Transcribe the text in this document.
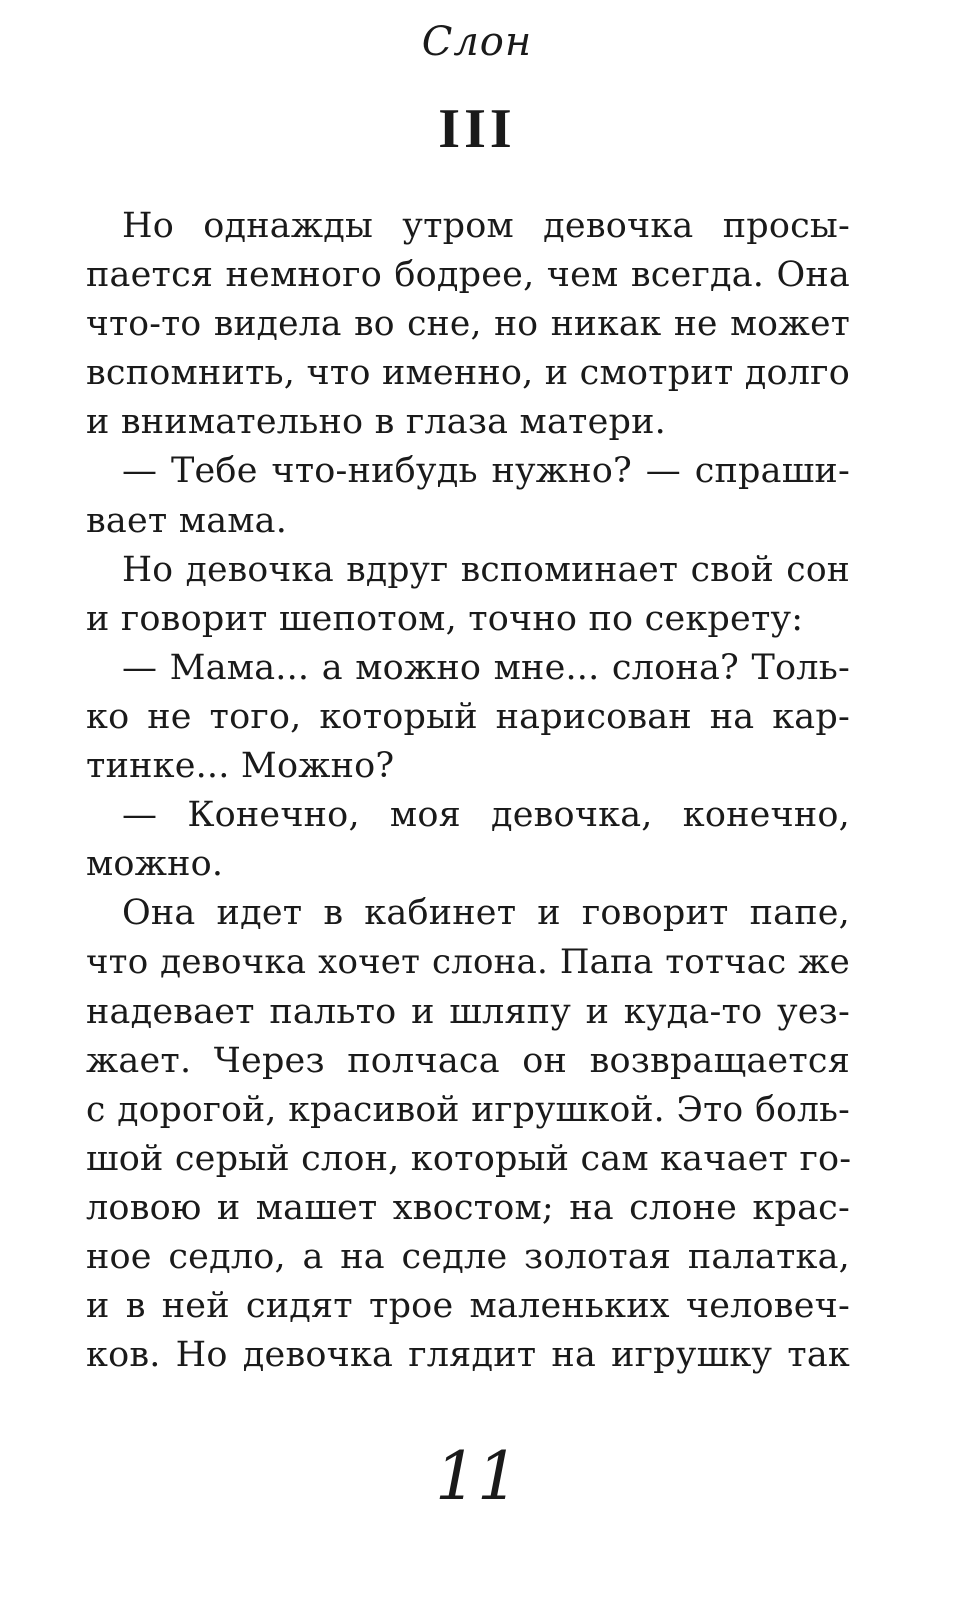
Слон
III
Но однажды утром девочка просы-
пается немного бодрее, чем всегда. Она
что-то видела во сне, но никак не может
вспомнить, что именно, и смотрит долго
и внимательно в глаза матери.
— Тебе что-нибудь нужно? — спраши-
вает мама.
Но девочка вдруг вспоминает свой сон
и говорит шепотом, точно по секрету:
— Мама... а можно мне... слона? Толь-
ко не того, который нарисован на кар-
тинке... Можно?
— Конечно, моя девочка, конечно,
можно.
Она идет в кабинет и говорит папе,
что девочка хочет слона. Папа тотчас же
надевает пальто и шляпу и куда-то уез-
жает. Через полчаса он возвращается
с дорогой, красивой игрушкой. Это боль-
шой серый слон, который сам качает го-
ловою и машет хвостом; на слоне крас-
ное седло, а на седле золотая палатка,
и в ней сидят трое маленьких человеч-
ков. Но девочка глядит на игрушку так
11
